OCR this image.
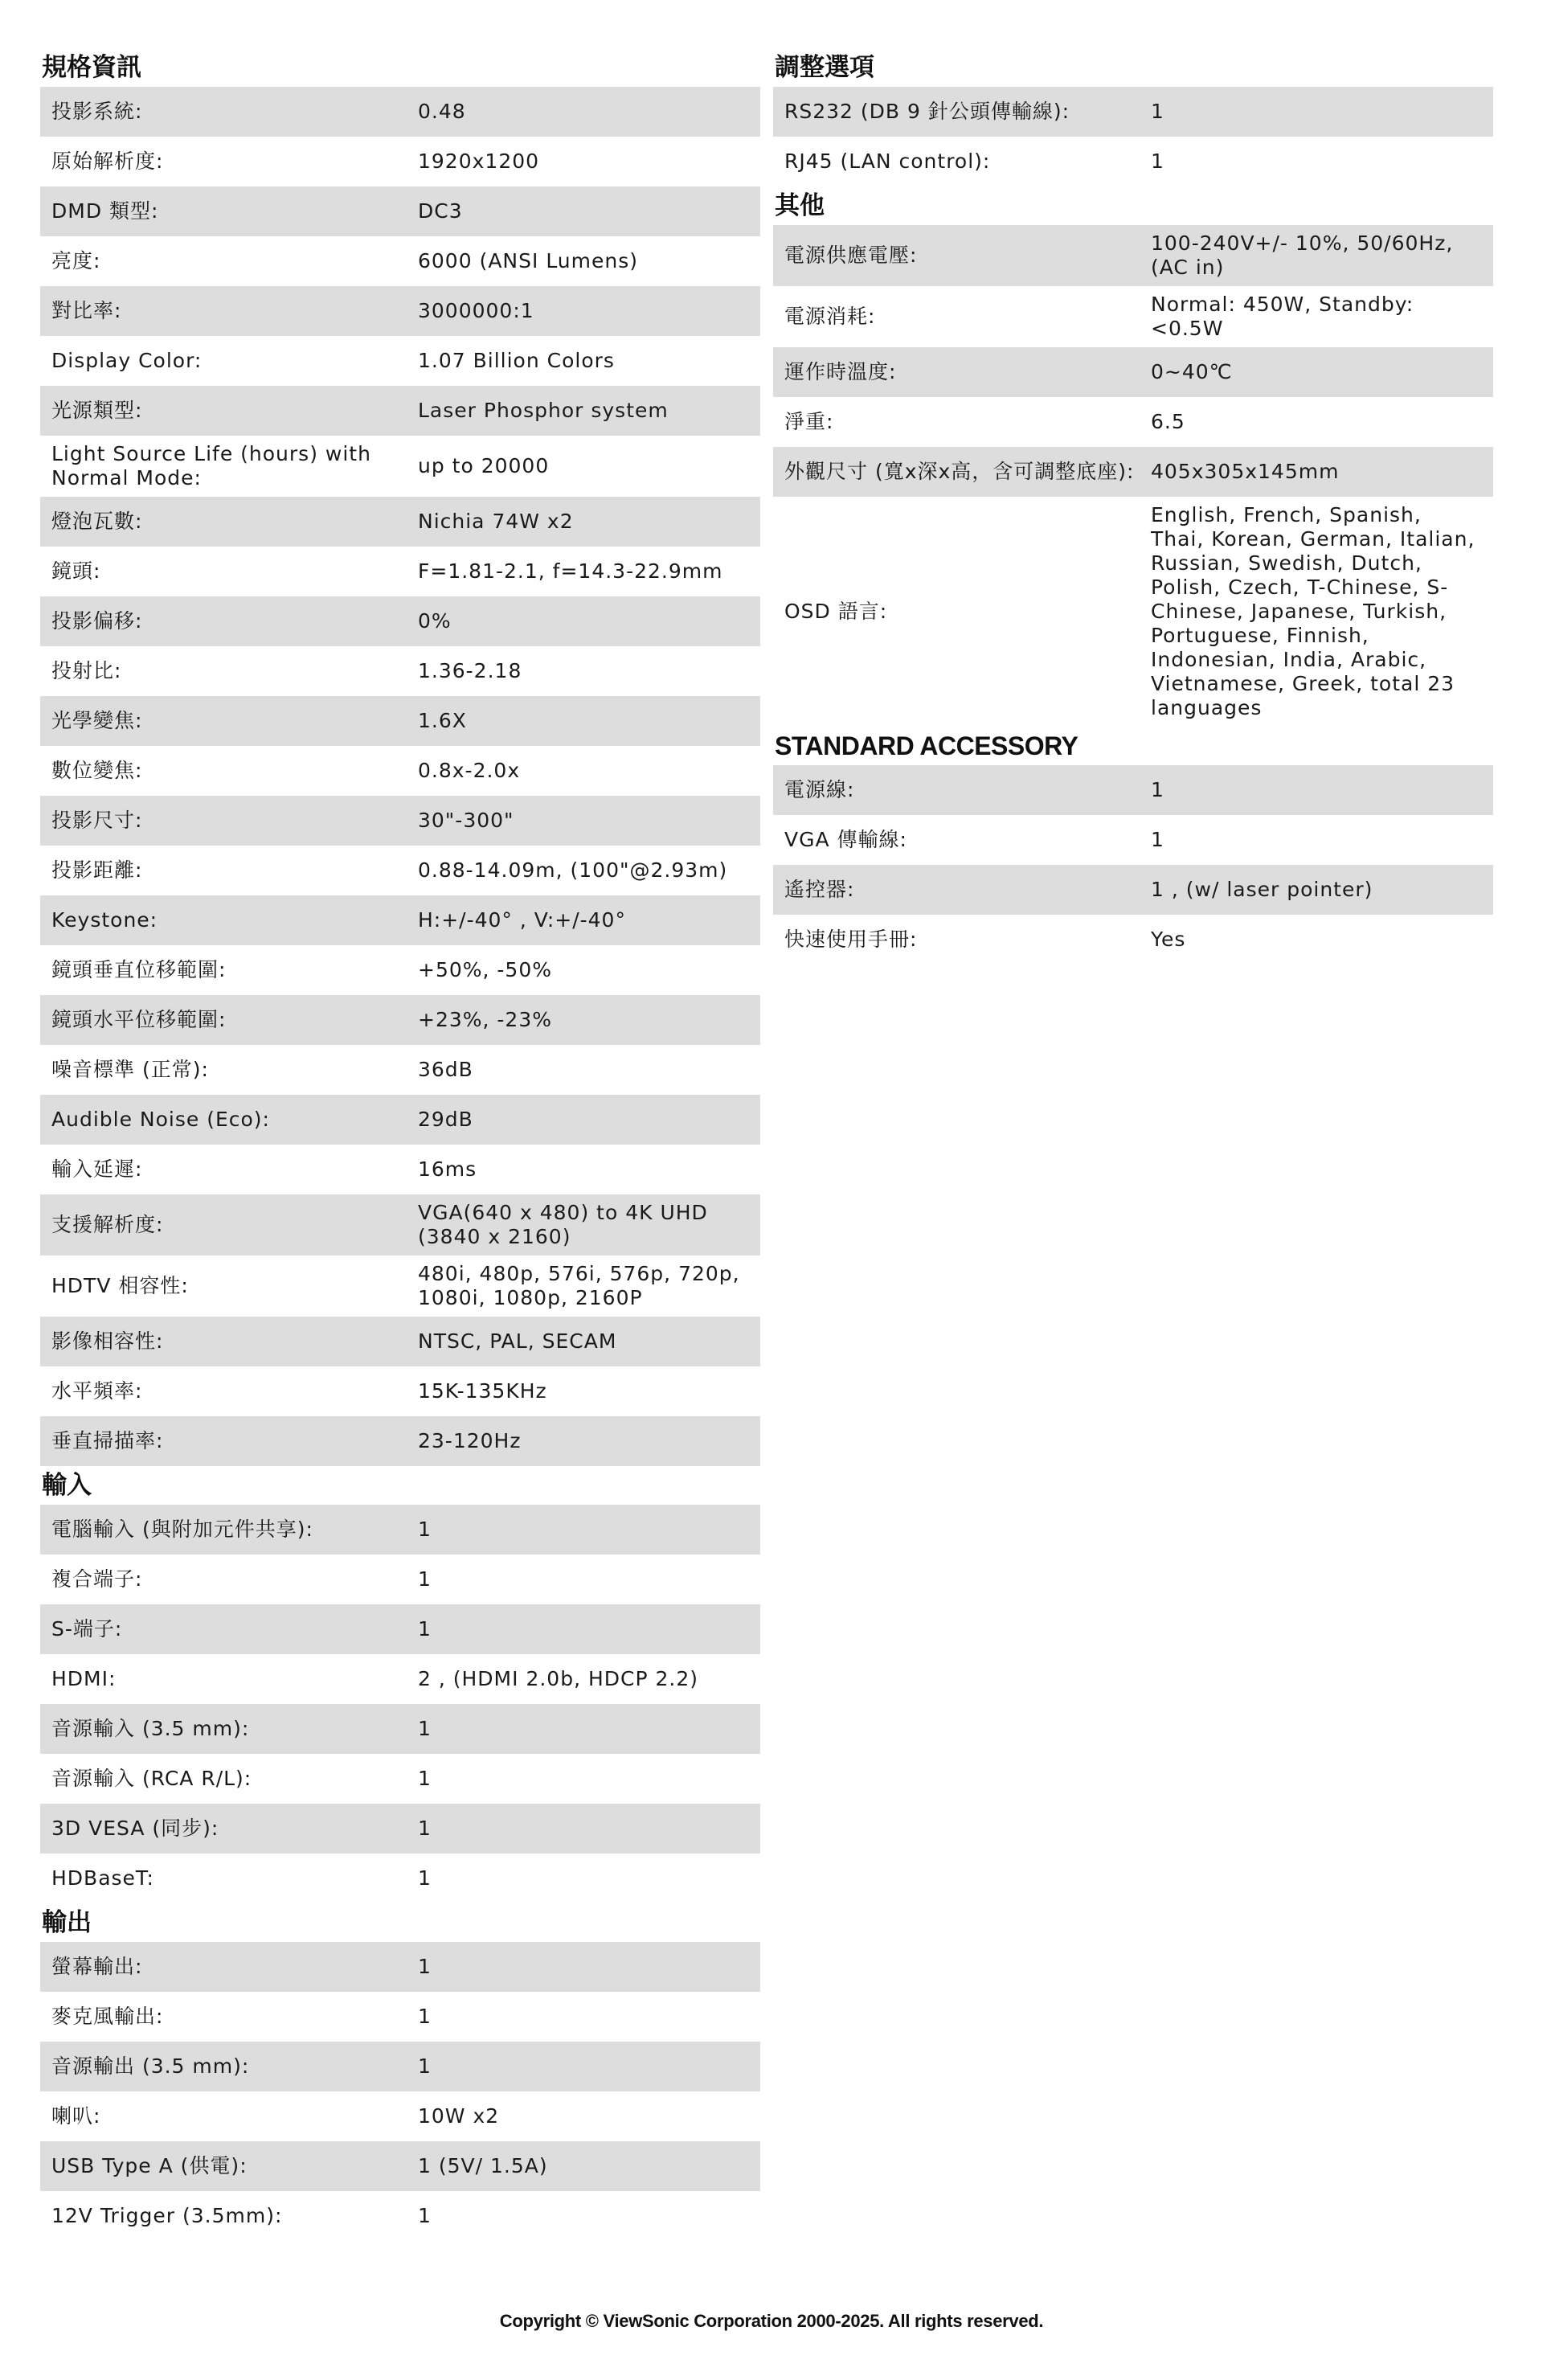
規格資訊
投影系統:	0.48
原始解析度:	1920x1200
DMD 類型:	DC3
亮度:	6000 (ANSI Lumens)
對比率:	3000000:1
Display Color:	1.07 Billion Colors
光源類型:	Laser Phosphor system
Light Source Life (hours) with Normal Mode:
up to 20000
燈泡瓦數:	Nichia 74W x2
鏡頭:	F=1.81-2.1, f=14.3-22.9mm
投影偏移:	0%
投射比:	1.36-2.18
光學變焦:	1.6X
數位變焦:	0.8x-2.0x
投影尺寸:	30"-300"
投影距離:	0.88-14.09m, (100"@2.93m)
Keystone:	H:+/-40° , V:+/-40°
鏡頭垂直位移範圍:	+50%, -50%
鏡頭水平位移範圍:	+23%, -23%
噪音標準 (正常):	36dB
Audible Noise (Eco):	29dB
輸入延遲:	16ms
支援解析度:
VGA(640 x 480) to 4K UHD (3840 x 2160)
HDTV 相容性:
480i, 480p, 576i, 576p, 720p, 1080i, 1080p, 2160P
影像相容性:	NTSC, PAL, SECAM
水平頻率:	15K-135KHz
垂直掃描率:	23-120Hz
輸入
電腦輸入 (與附加元件共享):	1
複合端子:	1
S-端子:	1
HDMI:	2 , (HDMI 2.0b, HDCP 2.2)
音源輸入 (3.5 mm):	1
音源輸入 (RCA R/L):	1
3D VESA (同步):	1
HDBaseT:	1
輸出
螢幕輸出:	1
麥克風輸出:	1
音源輸出 (3.5 mm):	1
喇叭:	10W x2
USB Type A (供電):	1 (5V/ 1.5A)
12V Trigger (3.5mm):	1
調整選項
RS232 (DB 9 針公頭傳輸線):	1
RJ45 (LAN control):	1
其他
電源供應電壓:
100-240V+/- 10%, 50/60Hz, (AC in)
電源消耗:
Normal: 450W, Standby: <0.5W
運作時溫度:	0~40℃
淨重:	6.5
外觀尺寸 (寬x深x高，含可調整底座): 405x305x145mm
OSD 語言:
English, French, Spanish, Thai, Korean, German, Italian, Russian, Swedish, Dutch, Polish, Czech, T-Chinese, S-Chinese, Japanese, Turkish, Portuguese, Finnish, Indonesian, India, Arabic, Vietnamese, Greek, total 23 languages
STANDARD ACCESSORY
電源線:	1
VGA 傳輸線:	1
遙控器:	1 , (w/ laser pointer)
快速使用手冊:	Yes
Copyright © ViewSonic Corporation 2000-2025. All rights reserved.
